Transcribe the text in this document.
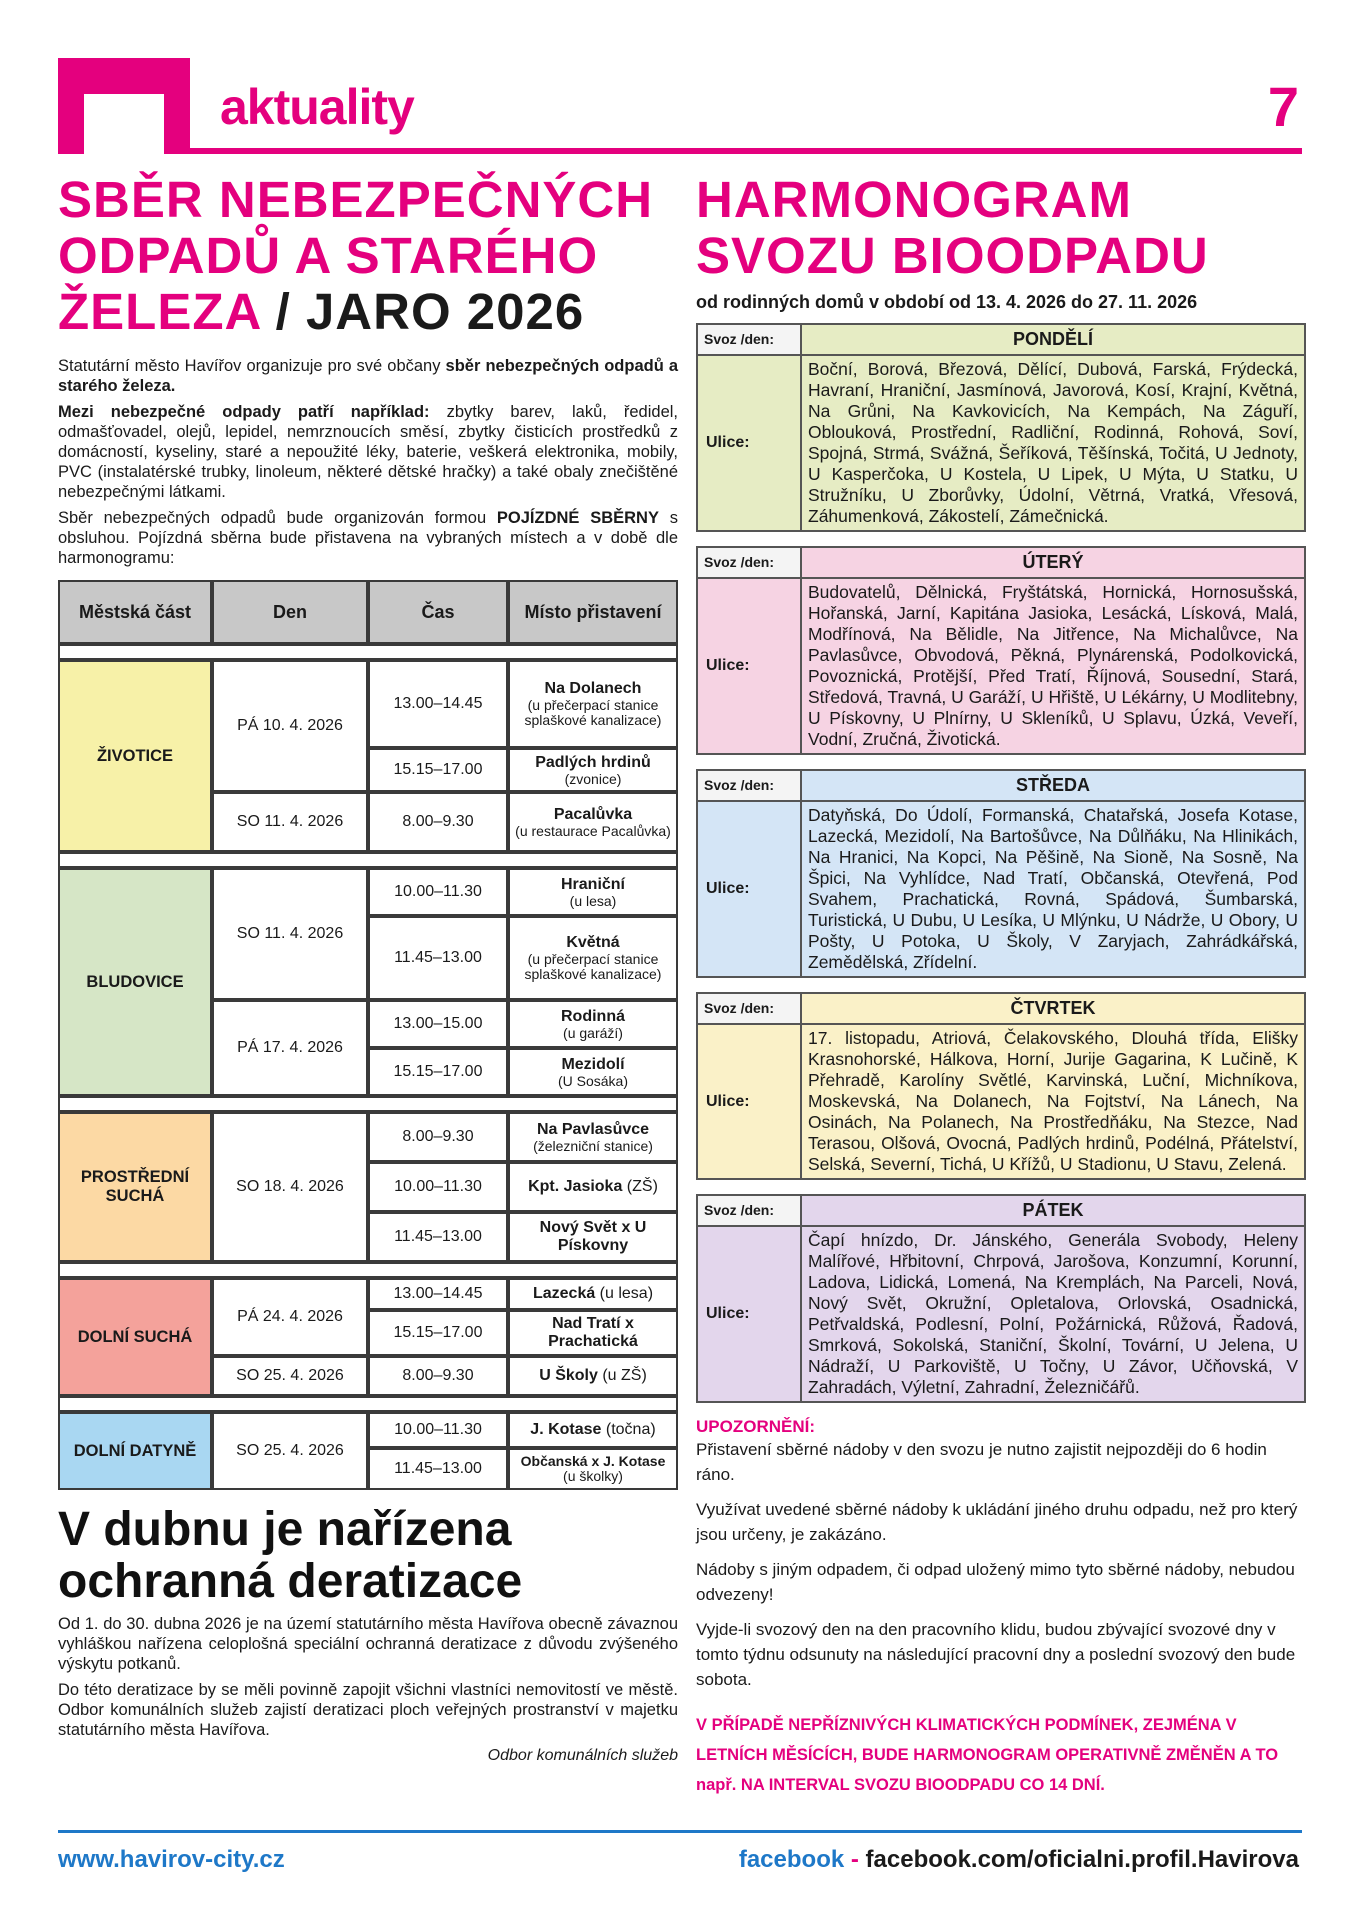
aktuality	7
SBĚR NEBEZPEČNÝCH
ODPADŮ A STARÉHO
ŽELEZA / JARO 2026

Statutární město Havířov organizuje pro své občany sběr nebezpečných odpadů a starého železa.

Mezi nebezpečné odpady patří například: zbytky barev, laků, ředidel, odmašťovadel, olejů, lepidel, nemrznoucích směsí, zbytky čisticích prostředků z domácností, kyseliny, staré a nepoužité léky, baterie, veškerá elektronika, mobily, PVC (instalatérské trubky, linoleum, některé dětské hračky) a také obaly znečištěné nebezpečnými látkami.

Sběr nebezpečných odpadů bude organizován formou POJÍZDNÉ SBĚRNY s obsluhou. Pojízdná sběrna bude přistavena na vybraných místech a v době dle harmonogramu:

Městská část	Den	Čas	Místo přistavení

ŽIVOTICE	PÁ 10. 4. 2026	13.00–14.45	Na Dolanech
(u přečerpací stanice splaškové kanalizace)

		15.15–17.00	Padlých hrdinů
(zvonice)

	SO 11. 4. 2026	8.00–9.30	Pacalůvka
(u restaurace Pacalůvka)

BLUDOVICE	SO 11. 4. 2026	10.00–11.30	Hraniční
(u lesa)

		11.45–13.00	Květná
(u přečerpací stanice splaškové kanalizace)

	PÁ 17. 4. 2026	13.00–15.00	Rodinná
(u garáží)

		15.15–17.00	Mezidolí
(U Sosáka)

PROSTŘEDNÍ SUCHÁ	SO 18. 4. 2026	8.00–9.30	Na Pavlasůvce
(železniční stanice)

		10.00–11.30	Kpt. Jasioka (ZŠ)
		11.45–13.00	Nový Svět x U Pískovny

DOLNÍ SUCHÁ	PÁ 24. 4. 2026	13.00–14.45	Lazecká (u lesa)
		15.15–17.00	Nad Tratí x Prachatická
	SO 25. 4. 2026	8.00–9.30	U Školy (u ZŠ)

DOLNÍ DATYNĚ	SO 25. 4. 2026	10.00–11.30	J. Kotase (točna)
		11.45–13.00	Občanská x J. Kotase
(u školky)
V dubnu je nařízena
ochranná deratizace

Od 1. do 30. dubna 2026 je na území statutárního města Havířova obecně závaznou vyhláškou nařízena celoplošná speciální ochranná deratizace z důvodu zvýšeného výskytu potkanů.

Do této deratizace by se měli povinně zapojit všichni vlastníci nemovitostí ve městě. Odbor komunálních služeb zajistí deratizaci ploch veřejných prostranství v majetku statutárního města Havířova.

Odbor komunálních služeb
HARMONOGRAM
SVOZU BIOODPADU
od rodinných domů v období od 13. 4. 2026 do 27. 11. 2026
Svoz /den:	PONDĚLÍ
Ulice:
Boční, Borová, Březová, Dělící, Dubová, Farská, Frýdecká, Havraní, Hraniční, Jasmínová, Javorová, Kosí, Krajní, Květná, Na Grůni, Na Kavkovicích, Na Kempách, Na Záguří, Oblouková, Prostřední, Radliční, Rodinná, Rohová, Soví, Spojná, Strmá, Svážná, Šeříková, Těšínská, Točitá, U Jednoty, U Kasperčoka, U Kostela, U Lipek, U Mýta, U Statku, U Stružníku, U Zborůvky, Údolní, Větrná, Vratká, Vřesová, Záhumenková, Zákostelí, Zámečnická.
Svoz /den:	ÚTERÝ
Ulice:
Budovatelů, Dělnická, Fryštátská, Hornická, Hornosušská, Hořanská, Jarní, Kapitána Jasioka, Lesácká, Lísková, Malá, Modřínová, Na Bělidle, Na Jitřence, Na Michalůvce, Na Pavlasůvce, Obvodová, Pěkná, Plynárenská, Podolkovická, Povoznická, Protější, Před Tratí, Říjnová, Sousední, Stará, Středová, Travná, U Garáží, U Hřiště, U Lékárny, U Modlitebny, U Pískovny, U Plnírny, U Skleníků, U Splavu, Úzká, Veveří, Vodní, Zručná, Životická.
Svoz /den:	STŘEDA
Ulice:
Datyňská, Do Údolí, Formanská, Chatařská, Josefa Kotase, Lazecká, Mezidolí, Na Bartošůvce, Na Důlňáku, Na Hlinikách, Na Hranici, Na Kopci, Na Pěšině, Na Sioně, Na Sosně, Na Špici, Na Vyhlídce, Nad Tratí, Občanská, Otevřená, Pod Svahem, Prachatická, Rovná, Spádová, Šumbarská, Turistická, U Dubu, U Lesíka, U Mlýnku, U Nádrže, U Obory, U Pošty, U Potoka, U Školy, V Zaryjach, Zahrádkářská, Zemědělská, Zřídelní.
Svoz /den:	ČTVRTEK
Ulice:
17. listopadu, Atriová, Čelakovského, Dlouhá třída, Elišky Krasnohorské, Hálkova, Horní, Jurije Gagarina, K Lučině, K Přehradě, Karolíny Světlé, Karvinská, Luční, Michníkova, Moskevská, Na Dolanech, Na Fojtství, Na Lánech, Na Osinách, Na Polanech, Na Prostředňáku, Na Stezce, Nad Terasou, Olšová, Ovocná, Padlých hrdinů, Podélná, Přátelství, Selská, Severní, Tichá, U Křížů, U Stadionu, U Stavu, Zelená.
Svoz /den:	PÁTEK
Ulice:
Čapí hnízdo, Dr. Jánského, Generála Svobody, Heleny Malířové, Hřbitovní, Chrpová, Jarošova, Konzumní, Korunní, Ladova, Lidická, Lomená, Na Kremplách, Na Parceli, Nová, Nový Svět, Okružní, Opletalova, Orlovská, Osadnická, Petřvaldská, Podlesní, Polní, Požárnická, Růžová, Řadová, Smrková, Sokolská, Staniční, Školní, Tovární, U Jelena, U Nádraží, U Parkoviště, U Točny, U Závor, Učňovská, V Zahradách, Výletní, Zahradní, Železničářů.
UPOZORNĚNÍ:

Přistavení sběrné nádoby v den svozu je nutno zajistit nejpozději do 6 hodin ráno.

Využívat uvedené sběrné nádoby k ukládání jiného druhu odpadu, než pro který jsou určeny, je zakázáno.

Nádoby s jiným odpadem, či odpad uložený mimo tyto sběrné nádoby, nebudou odvezeny!

Vyjde-li svozový den na den pracovního klidu, budou zbývající svozové dny v tomto týdnu odsunuty na následující pracovní dny a poslední svozový den bude sobota.

V PŘÍPADĚ NEPŘÍZNIVÝCH KLIMATICKÝCH PODMÍNEK, ZEJMÉNA V LETNÍCH MĚSÍCÍCH, BUDE HARMONOGRAM OPERATIVNĚ ZMĚNĚN A TO např. NA INTERVAL SVOZU BIOODPADU CO 14 DNÍ.
www.havirov-city.cz	facebook - facebook.com/oficialni.profil.Havirova
